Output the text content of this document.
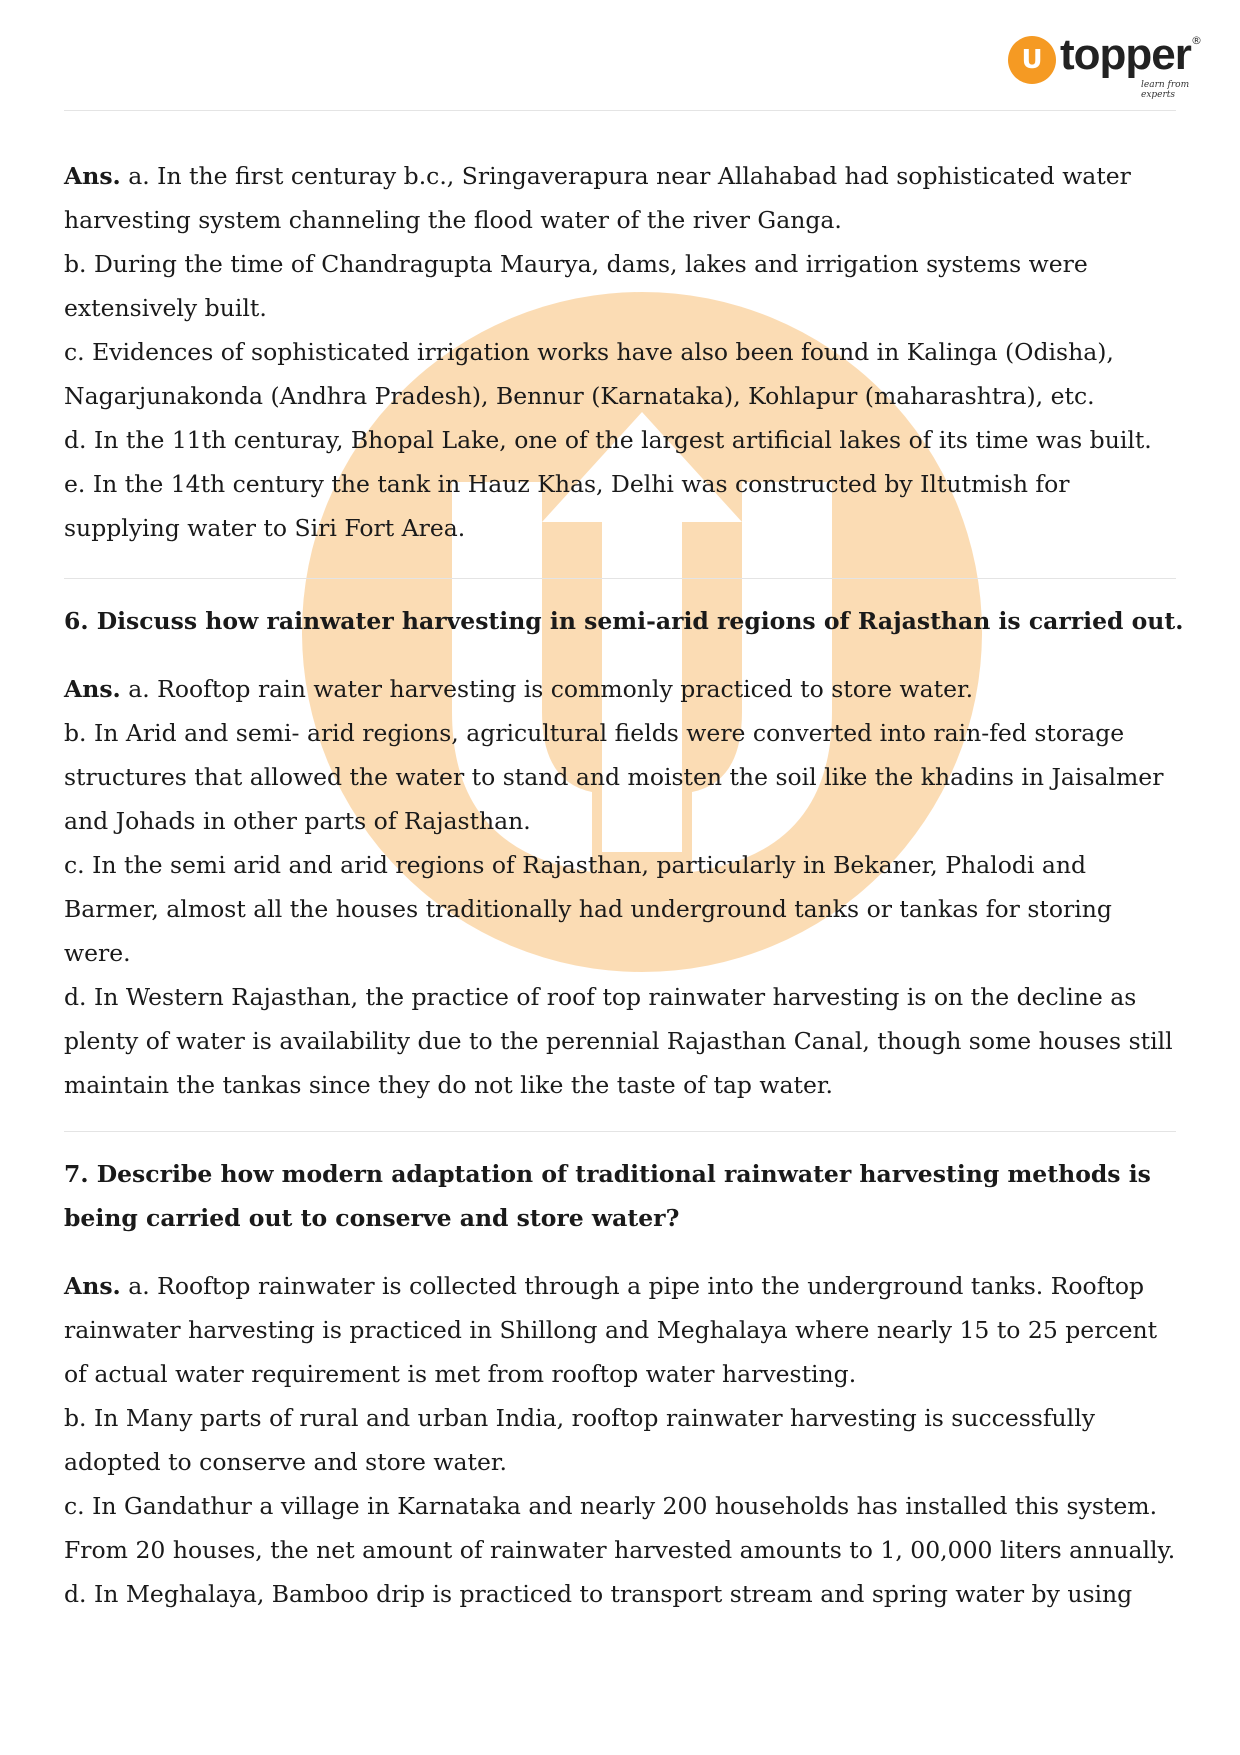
U topper ®
learn from experts

Ans. a. In the first centuray b.c., Sringaverapura near Allahabad had sophisticated water harvesting system channeling the flood water of the river Ganga.

b. During the time of Chandragupta Maurya, dams, lakes and irrigation systems were extensively built.

c. Evidences of sophisticated irrigation works have also been found in Kalinga (Odisha), Nagarjunakonda (Andhra Pradesh), Bennur (Karnataka), Kohlapur (maharashtra), etc.

d. In the 11th centuray, Bhopal Lake, one of the largest artificial lakes of its time was built.

e. In the 14th century the tank in Hauz Khas, Delhi was constructed by Iltutmish for supplying water to Siri Fort Area.

6. Discuss how rainwater harvesting in semi-arid regions of Rajasthan is carried out.

Ans. a. Rooftop rain water harvesting is commonly practiced to store water.

b. In Arid and semi- arid regions, agricultural fields were converted into rain-fed storage structures that allowed the water to stand and moisten the soil like the khadins in Jaisalmer and Johads in other parts of Rajasthan.

c. In the semi arid and arid regions of Rajasthan, particularly in Bekaner, Phalodi and Barmer, almost all the houses traditionally had underground tanks or tankas for storing were.

d. In Western Rajasthan, the practice of roof top rainwater harvesting is on the decline as plenty of water is availability due to the perennial Rajasthan Canal, though some houses still maintain the tankas since they do not like the taste of tap water.

7. Describe how modern adaptation of traditional rainwater harvesting methods is being carried out to conserve and store water?

Ans. a. Rooftop rainwater is collected through a pipe into the underground tanks. Rooftop rainwater harvesting is practiced in Shillong and Meghalaya where nearly 15 to 25 percent of actual water requirement is met from rooftop water harvesting.

b. In Many parts of rural and urban India, rooftop rainwater harvesting is successfully adopted to conserve and store water.

c. In Gandathur a village in Karnataka and nearly 200 households has installed this system. From 20 houses, the net amount of rainwater harvested amounts to 1, 00,000 liters annually.

d. In Meghalaya, Bamboo drip is practiced to transport stream and spring water by using
